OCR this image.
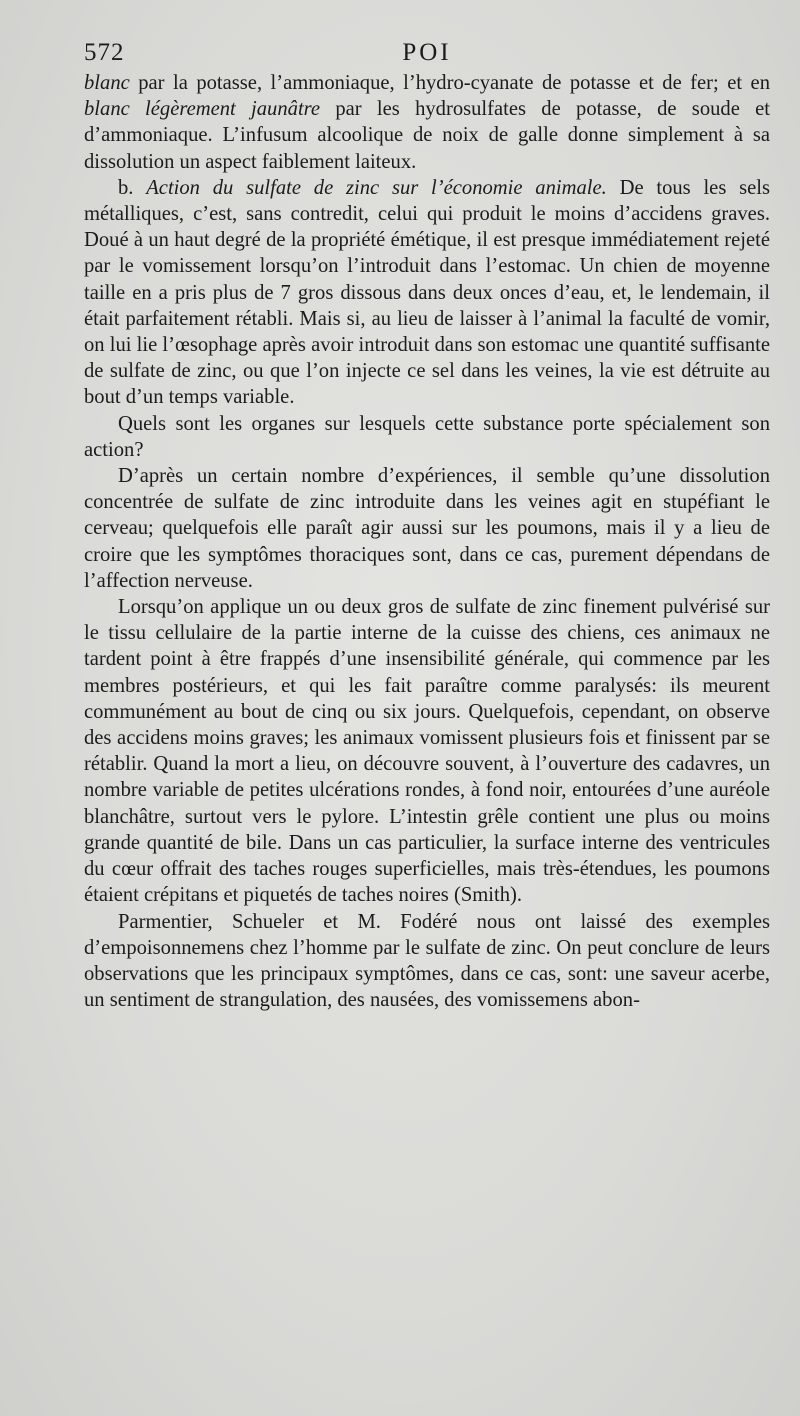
572	POI

blanc par la potasse, l’ammoniaque, l’hydro-cyanate de potasse et de fer; et en blanc légèrement jaunâtre par les hydrosulfates de potasse, de soude et d’ammoniaque. L’infusum alcoolique de noix de galle donne simplement à sa dissolution un aspect faiblement laiteux.

b. Action du sulfate de zinc sur l’économie animale. De tous les sels métalliques, c’est, sans contredit, celui qui produit le moins d’accidens graves. Doué à un haut degré de la propriété émétique, il est presque immédiatement rejeté par le vomissement lorsqu’on l’introduit dans l’estomac. Un chien de moyenne taille en a pris plus de 7 gros dissous dans deux onces d’eau, et, le lendemain, il était parfaitement rétabli. Mais si, au lieu de laisser à l’animal la faculté de vomir, on lui lie l’œsophage après avoir introduit dans son estomac une quantité suffisante de sulfate de zinc, ou que l’on injecte ce sel dans les veines, la vie est détruite au bout d’un temps variable.

Quels sont les organes sur lesquels cette substance porte spécialement son action?

D’après un certain nombre d’expériences, il semble qu’une dissolution concentrée de sulfate de zinc introduite dans les veines agit en stupéfiant le cerveau; quelquefois elle paraît agir aussi sur les poumons, mais il y a lieu de croire que les symptômes thoraciques sont, dans ce cas, purement dépendans de l’affection nerveuse.

Lorsqu’on applique un ou deux gros de sulfate de zinc finement pulvérisé sur le tissu cellulaire de la partie interne de la cuisse des chiens, ces animaux ne tardent point à être frappés d’une insensibilité générale, qui commence par les membres postérieurs, et qui les fait paraître comme paralysés: ils meurent communément au bout de cinq ou six jours. Quelquefois, cependant, on observe des accidens moins graves; les animaux vomissent plusieurs fois et finissent par se rétablir. Quand la mort a lieu, on découvre souvent, à l’ouverture des cadavres, un nombre variable de petites ulcérations rondes, à fond noir, entourées d’une auréole blanchâtre, surtout vers le pylore. L’intestin grêle contient une plus ou moins grande quantité de bile. Dans un cas particulier, la surface interne des ventricules du cœur offrait des taches rouges superficielles, mais très-étendues, les poumons étaient crépitans et piquetés de taches noires (Smith).

Parmentier, Schueler et M. Fodéré nous ont laissé des exemples d’empoisonnemens chez l’homme par le sulfate de zinc. On peut conclure de leurs observations que les principaux symptômes, dans ce cas, sont: une saveur acerbe, un sentiment de strangulation, des nausées, des vomissemens abon-
